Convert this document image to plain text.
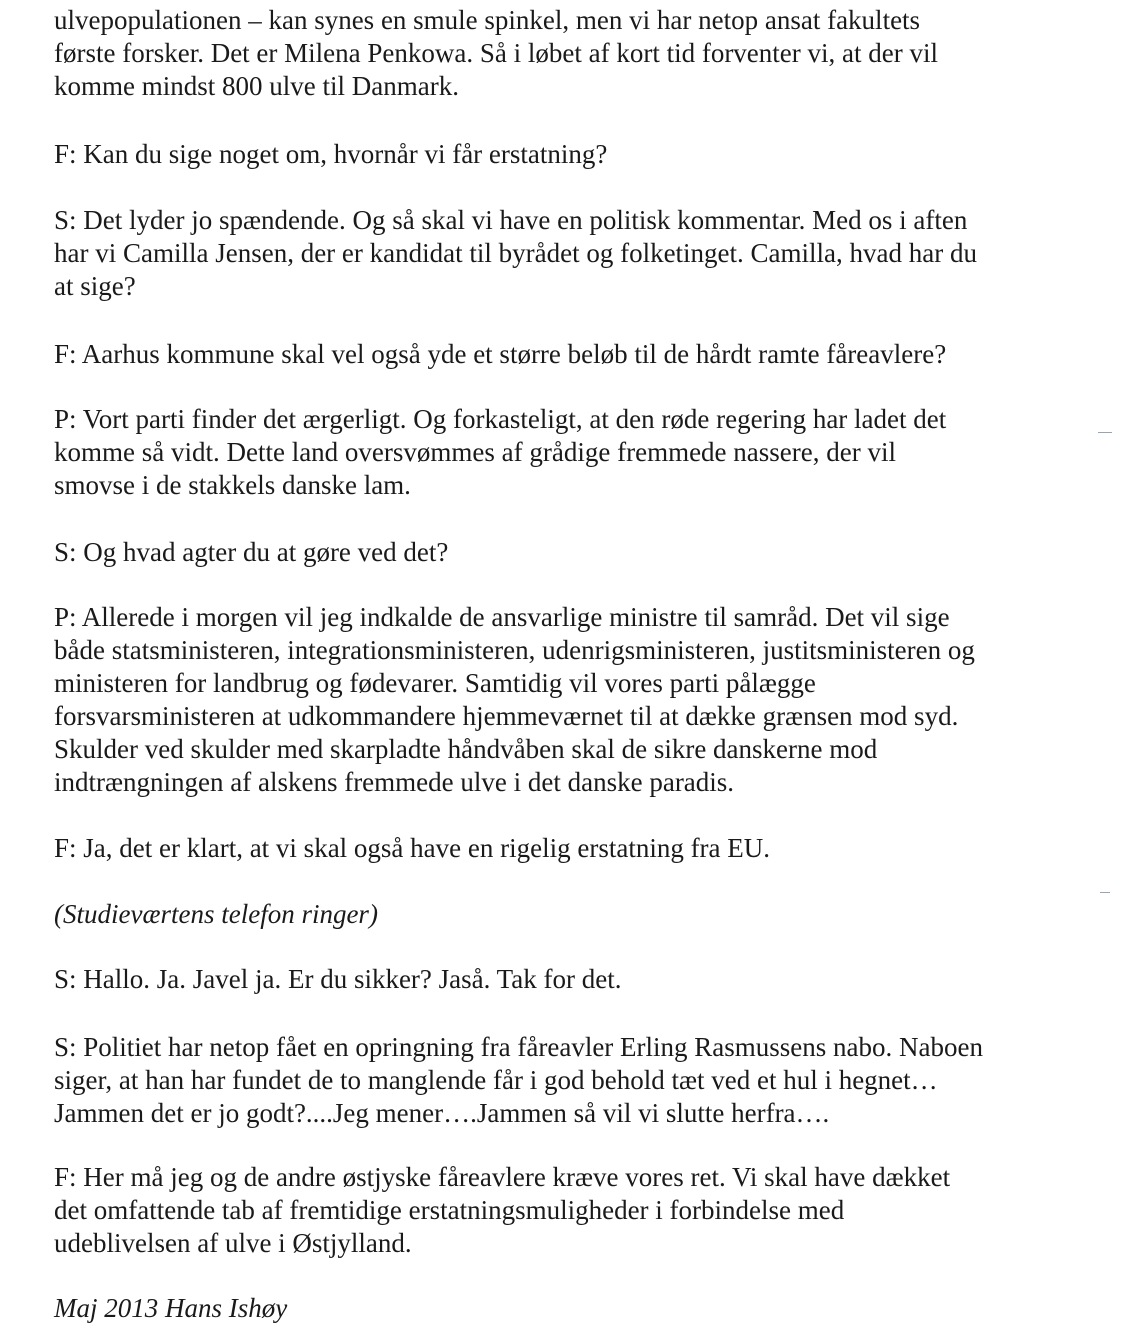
ulvepopulationen – kan synes en smule spinkel, men vi har netop ansat fakultets
første forsker. Det er Milena Penkowa. Så i løbet af kort tid forventer vi, at der vil
komme mindst 800 ulve til Danmark.

F: Kan du sige noget om, hvornår vi får erstatning?

S: Det lyder jo spændende. Og så skal vi have en politisk kommentar. Med os i aften
har vi Camilla Jensen, der er kandidat til byrådet og folketinget. Camilla, hvad har du
at sige?

F: Aarhus kommune skal vel også yde et større beløb til de hårdt ramte fåreavlere?

P: Vort parti finder det ærgerligt. Og forkasteligt, at den røde regering har ladet det
komme så vidt. Dette land oversvømmes af grådige fremmede nassere, der vil
smovse i de stakkels danske lam.

S: Og hvad agter du at gøre ved det?

P: Allerede i morgen vil jeg indkalde de ansvarlige ministre til samråd. Det vil sige
både statsministeren, integrationsministeren, udenrigsministeren, justitsministeren og
ministeren for landbrug og fødevarer. Samtidig vil vores parti pålægge
forsvarsministeren at udkommandere hjemmeværnet til at dække grænsen mod syd.
Skulder ved skulder med skarpladte håndvåben skal de sikre danskerne mod
indtrængningen af alskens fremmede ulve i det danske paradis.

F: Ja, det er klart, at vi skal også have en rigelig erstatning fra EU.

(Studieværtens telefon ringer)

S: Hallo. Ja. Javel ja. Er du sikker? Jaså. Tak for det.

S: Politiet har netop fået en opringning fra fåreavler Erling Rasmussens nabo. Naboen
siger, at han har fundet de to manglende får i god behold tæt ved et hul i hegnet…
Jammen det er jo godt?....Jeg mener….Jammen så vil vi slutte herfra….

F: Her må jeg og de andre østjyske fåreavlere kræve vores ret. Vi skal have dækket
det omfattende tab af fremtidige erstatningsmuligheder i forbindelse med
udeblivelsen af ulve i Østjylland.

Maj 2013 Hans Ishøy
